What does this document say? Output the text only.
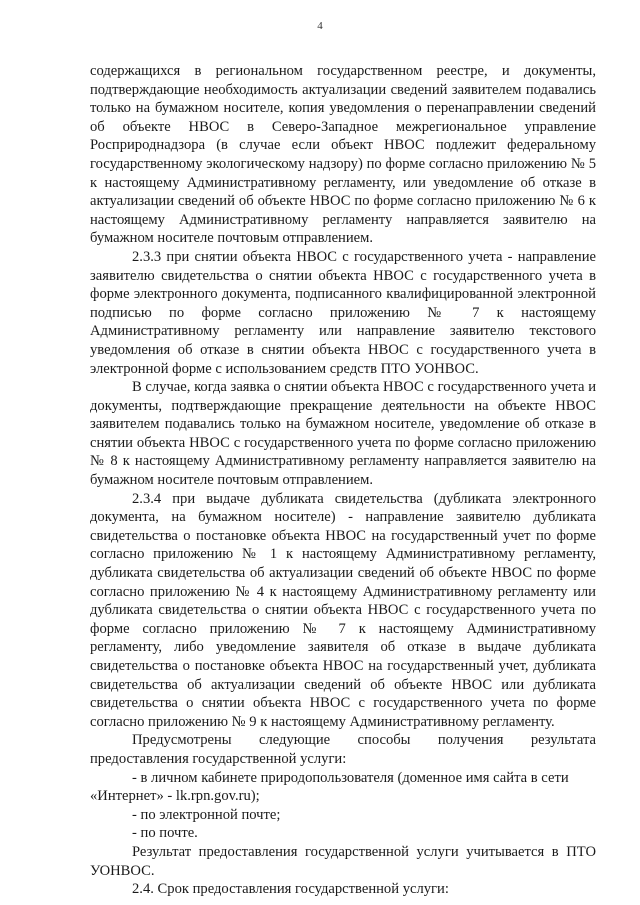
4

содержащихся в региональном государственном реестре, и документы, подтверждающие необходимость актуализации сведений заявителем подавались только на бумажном носителе, копия уведомления о перенаправлении сведений об объекте НВОС в Северо-Западное межрегиональное управление Росприроднадзора (в случае если объект НВОС подлежит федеральному государственному экологическому надзору) по форме согласно приложению № 5 к настоящему Административному регламенту, или уведомление об отказе в актуализации сведений об объекте НВОС по форме согласно приложению № 6 к настоящему Административному регламенту направляется заявителю на бумажном носителе почтовым отправлением.

2.3.3 при снятии объекта НВОС с государственного учета - направление заявителю свидетельства о снятии объекта НВОС с государственного учета в форме электронного документа, подписанного квалифицированной электронной подписью по форме согласно приложению № 7 к настоящему Административному регламенту или направление заявителю текстового уведомления об отказе в снятии объекта НВОС с государственного учета в электронной форме с использованием средств ПТО УОНВОС.

В случае, когда заявка о снятии объекта НВОС с государственного учета и документы, подтверждающие прекращение деятельности на объекте НВОС заявителем подавались только на бумажном носителе, уведомление об отказе в снятии объекта НВОС с государственного учета по форме согласно приложению № 8 к настоящему Административному регламенту направляется заявителю на бумажном носителе почтовым отправлением.

2.3.4 при выдаче дубликата свидетельства (дубликата электронного документа, на бумажном носителе) - направление заявителю дубликата свидетельства о постановке объекта НВОС на государственный учет по форме согласно приложению № 1 к настоящему Административному регламенту, дубликата свидетельства об актуализации сведений об объекте НВОС по форме согласно приложению № 4 к настоящему Административному регламенту или дубликата свидетельства о снятии объекта НВОС с государственного учета по форме согласно приложению № 7 к настоящему Административному регламенту, либо уведомление заявителя об отказе в выдаче дубликата свидетельства о постановке объекта НВОС на государственный учет, дубликата свидетельства об актуализации сведений об объекте НВОС или дубликата свидетельства о снятии объекта НВОС с государственного учета по форме согласно приложению № 9 к настоящему Административному регламенту.

Предусмотрены следующие способы получения результата предоставления государственной услуги:

- в личном кабинете природопользователя (доменное имя сайта в сети «Интернет» - lk.rpn.gov.ru);

- по электронной почте;

- по почте.

Результат предоставления государственной услуги учитывается в ПТО УОНВОС.

2.4. Срок предоставления государственной услуги:
